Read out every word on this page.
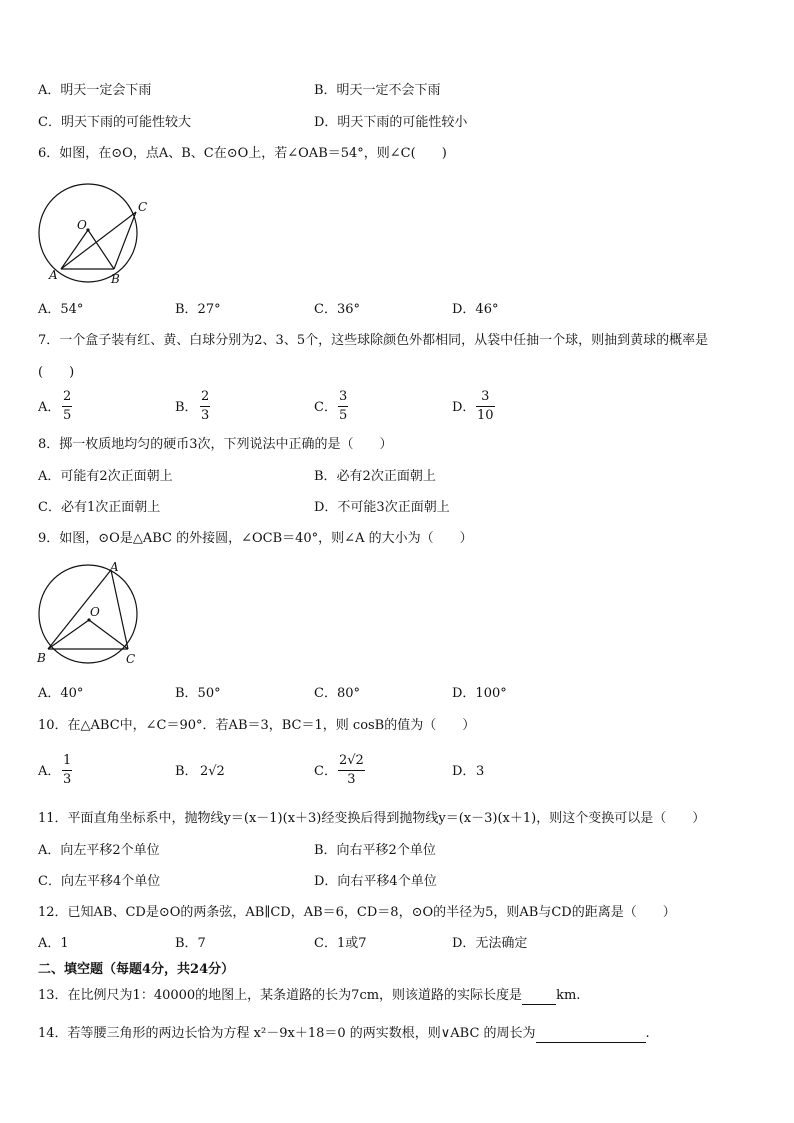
A．明天一定会下雨	B．明天一定不会下雨
C．明天下雨的可能性较大	D．明天下雨的可能性较小
6．如图，在⊙O，点A、B、C在⊙O上，若∠OAB＝54°，则∠C(　　)
O
A	B
C
A．54°	B．27°	C．36°	D．46°
7．一个盒子装有红、黄、白球分别为2、3、5个，这些球除颜色外都相同，从袋中任抽一个球，则抽到黄球的概率是
(　　)
A．
2
5
B．
2
3
C．
3
5
D．
3
10
8．掷一枚质地均匀的硬币3次，下列说法中正确的是（　　）
A．可能有2次正面朝上	B．必有2次正面朝上
C．必有1次正面朝上	D．不可能3次正面朝上
9．如图，⊙O是△ABC 的外接圆，∠OCB＝40°，则∠A 的大小为（　　）
O
A
B	C
A．40°	B．50°	C．80°	D．100°
10．在△ABC中，∠C＝90°．若AB＝3，BC＝1，则 cosB的值为（　　）
A．
1
3
B． 2√2	C．
2√2
3
D． 3
11．平面直角坐标系中，抛物线y＝(x－1)(x＋3)经变换后得到抛物线y＝(x－3)(x＋1)，则这个变换可以是（　　）
A．向左平移2个单位	B．向右平移2个单位
C．向左平移4个单位	D．向右平移4个单位
12．已知AB、CD是⊙O的两条弦，AB∥CD，AB＝6，CD＝8，⊙O的半径为5，则AB与CD的距离是（　　）
A．1	B．7	C．1或7	D．无法确定
二、填空题（每题4分，共24分）
13．在比例尺为1：40000的地图上，某条道路的长为7cm，则该道路的实际长度是	km.
14．若等腰三角形的两边长恰为方程 x²－9x＋18＝0 的两实数根，则∨ABC 的周长为	.
